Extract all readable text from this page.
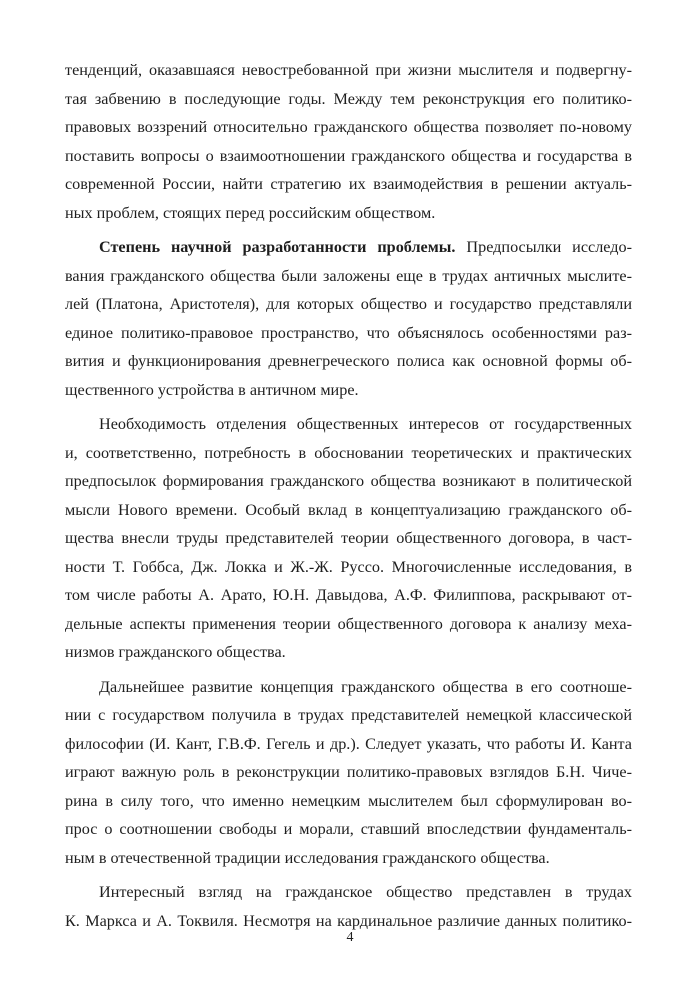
тенденций, оказавшаяся невостребованной при жизни мыслителя и подвергну-
тая забвению в последующие годы. Между тем реконструкция его политико-
правовых воззрений относительно гражданского общества позволяет по-новому
поставить вопросы о взаимоотношении гражданского общества и государства в
современной России, найти стратегию их взаимодействия в решении актуаль-
ных проблем, стоящих перед российским обществом.
Степень научной разработанности проблемы. Предпосылки исследо-
вания гражданского общества были заложены еще в трудах античных мыслите-
лей (Платона, Аристотеля), для которых общество и государство представляли
единое политико-правовое пространство, что объяснялось особенностями раз-
вития и функционирования древнегреческого полиса как основной формы об-
щественного устройства в античном мире.
Необходимость отделения общественных интересов от государственных
и, соответственно, потребность в обосновании теоретических и практических
предпосылок формирования гражданского общества возникают в политической
мысли Нового времени. Особый вклад в концептуализацию гражданского об-
щества внесли труды представителей теории общественного договора, в част-
ности Т. Гоббса, Дж. Локка и Ж.-Ж. Руссо. Многочисленные исследования, в
том числе работы А. Арато, Ю.Н. Давыдова, А.Ф. Филиппова, раскрывают от-
дельные аспекты применения теории общественного договора к анализу меха-
низмов гражданского общества.
Дальнейшее развитие концепция гражданского общества в его соотноше-
нии с государством получила в трудах представителей немецкой классической
философии (И. Кант, Г.В.Ф. Гегель и др.). Следует указать, что работы И. Канта
играют важную роль в реконструкции политико-правовых взглядов Б.Н. Чиче-
рина в силу того, что именно немецким мыслителем был сформулирован во-
прос о соотношении свободы и морали, ставший впоследствии фундаменталь-
ным в отечественной традиции исследования гражданского общества.
Интересный взгляд на гражданское общество представлен в трудах
К. Маркса и А. Токвиля. Несмотря на кардинальное различие данных политико-
4
